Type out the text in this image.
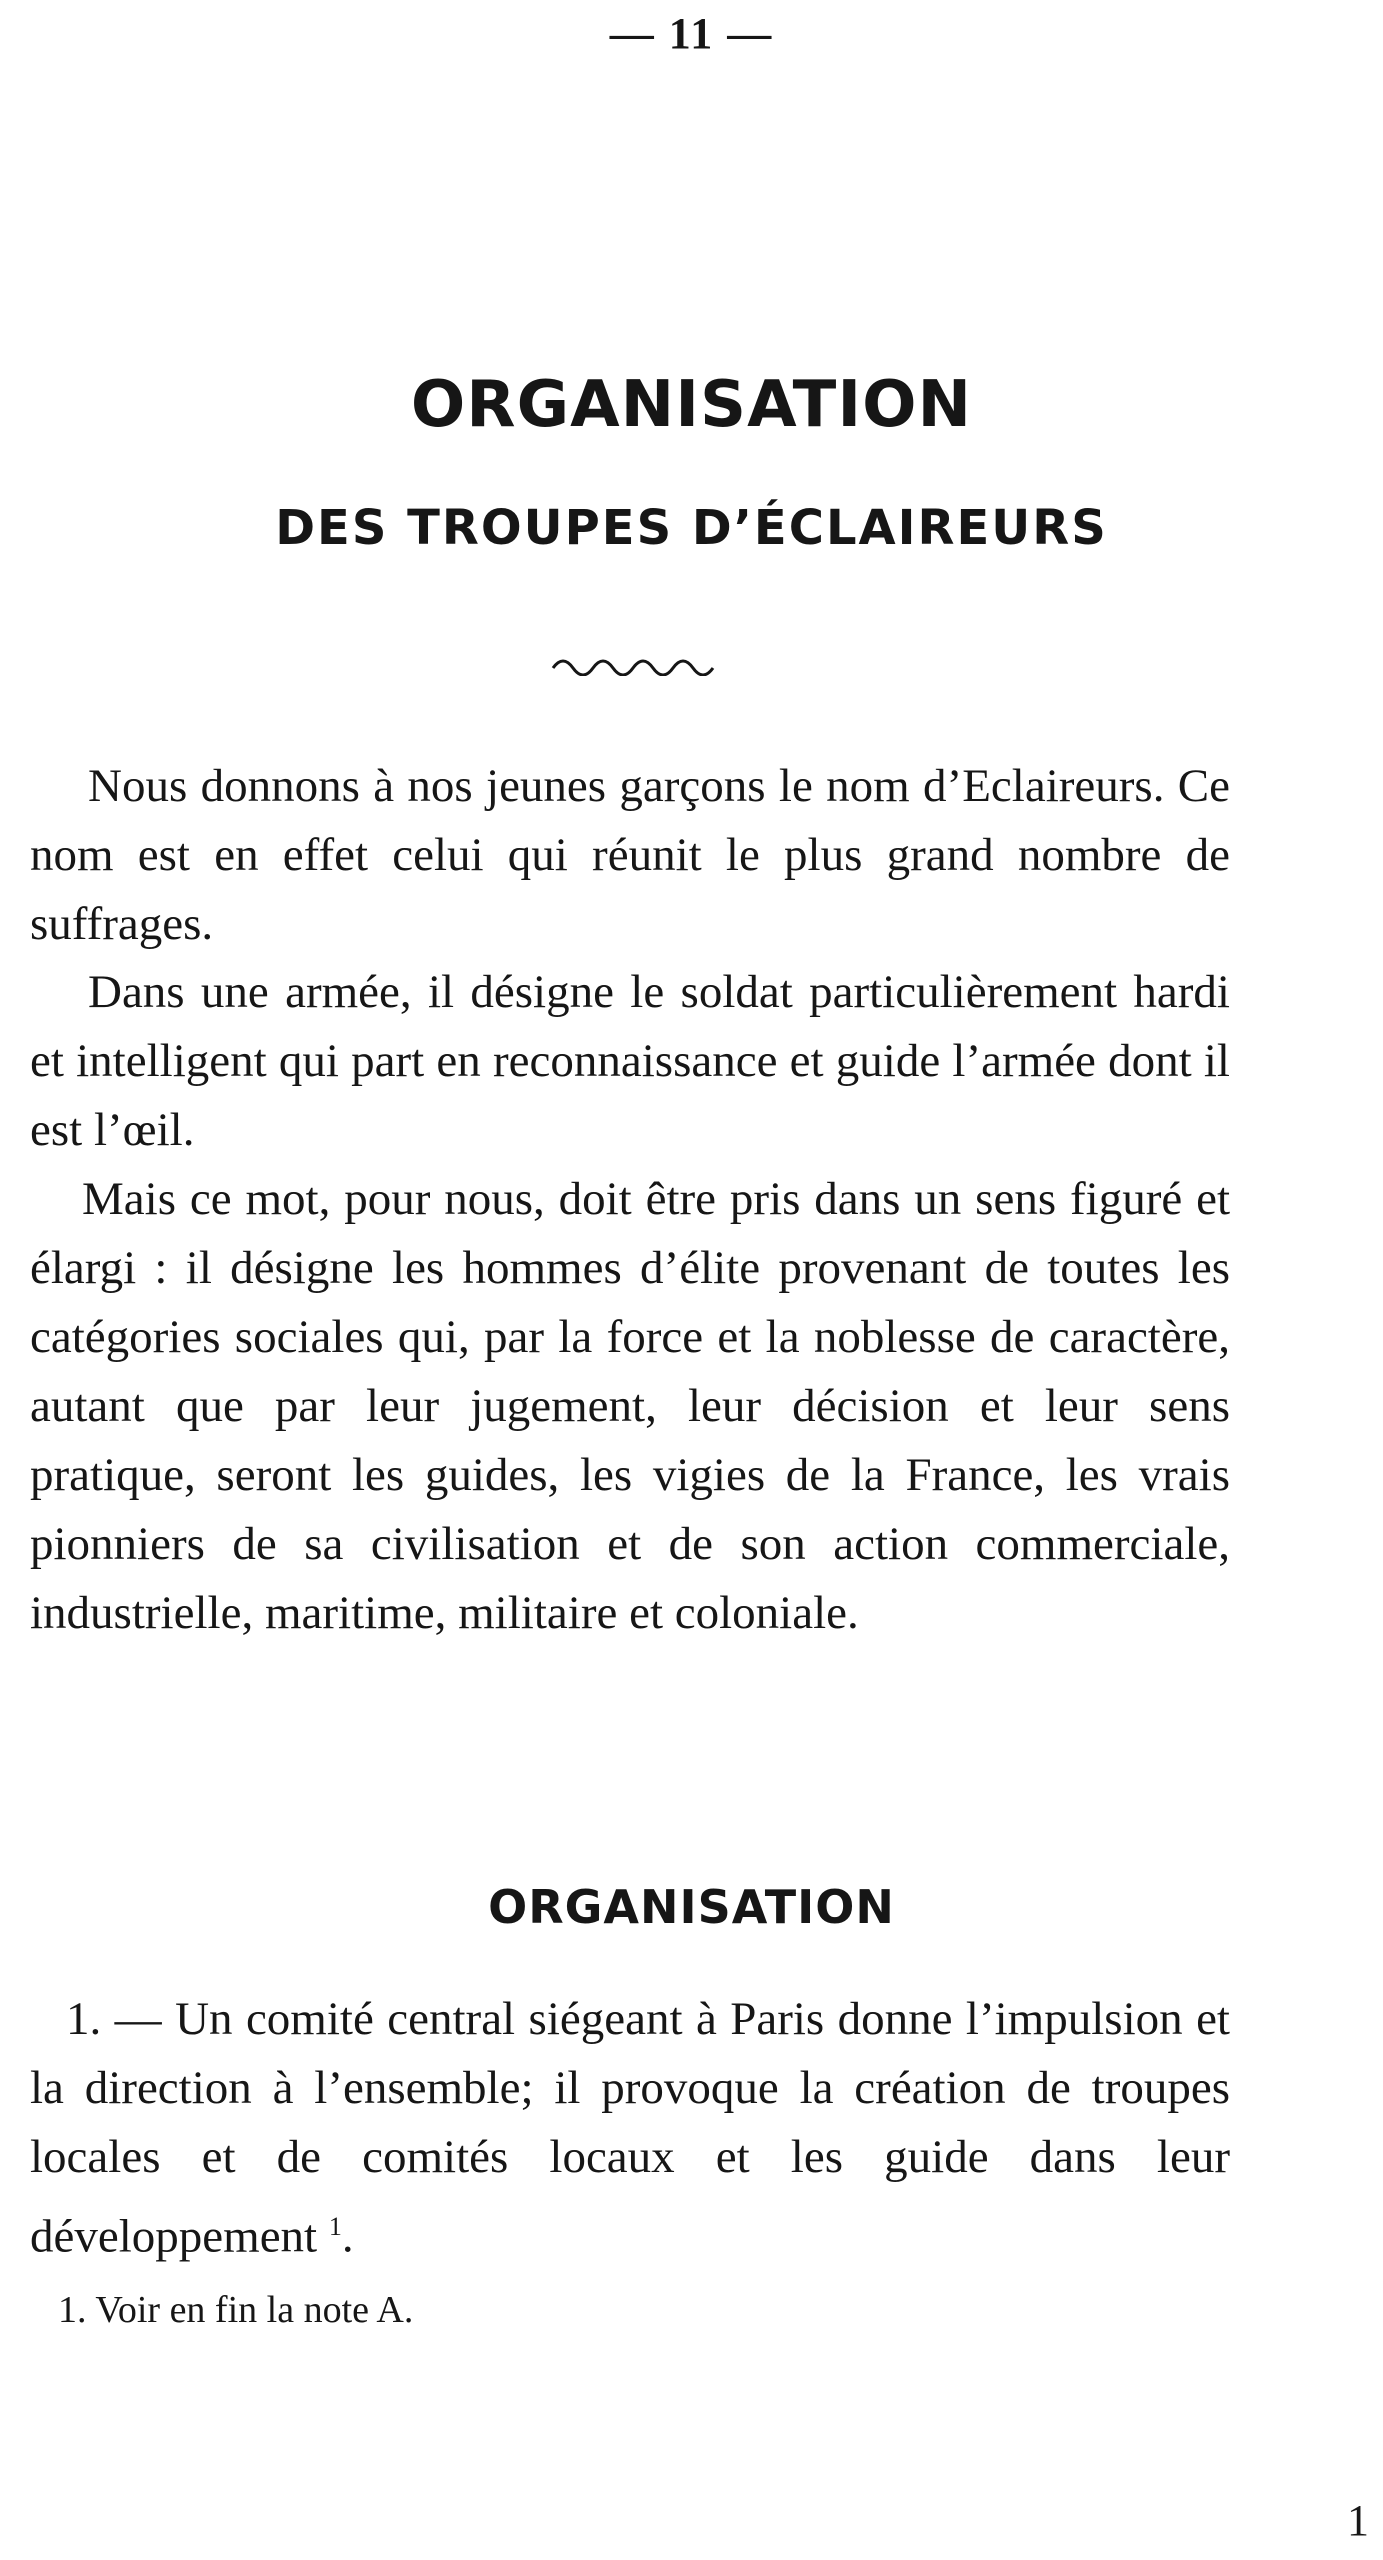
— 11 —
ORGANISATION
DES TROUPES D’ÉCLAIREURS

Nous donnons à nos jeunes garçons le nom d’Eclaireurs. Ce nom est en effet celui qui réunit le plus grand nombre de suffrages.

Dans une armée, il désigne le soldat particulièrement hardi et intelligent qui part en reconnaissance et guide l’armée dont il est l’œil.

Mais ce mot, pour nous, doit être pris dans un sens figuré et élargi : il désigne les hommes d’élite provenant de toutes les catégories sociales qui, par la force et la noblesse de caractère, autant que par leur jugement, leur décision et leur sens pratique, seront les guides, les vigies de la France, les vrais pionniers de sa civilisation et de son action commerciale, industrielle, maritime, militaire et coloniale.

ORGANISATION

1. — Un comité central siégeant à Paris donne l’impulsion et la direction à l’ensemble; il provoque la création de troupes locales et de comités locaux et les guide dans leur développement $^1$.

1. Voir en fin la note A.

1
